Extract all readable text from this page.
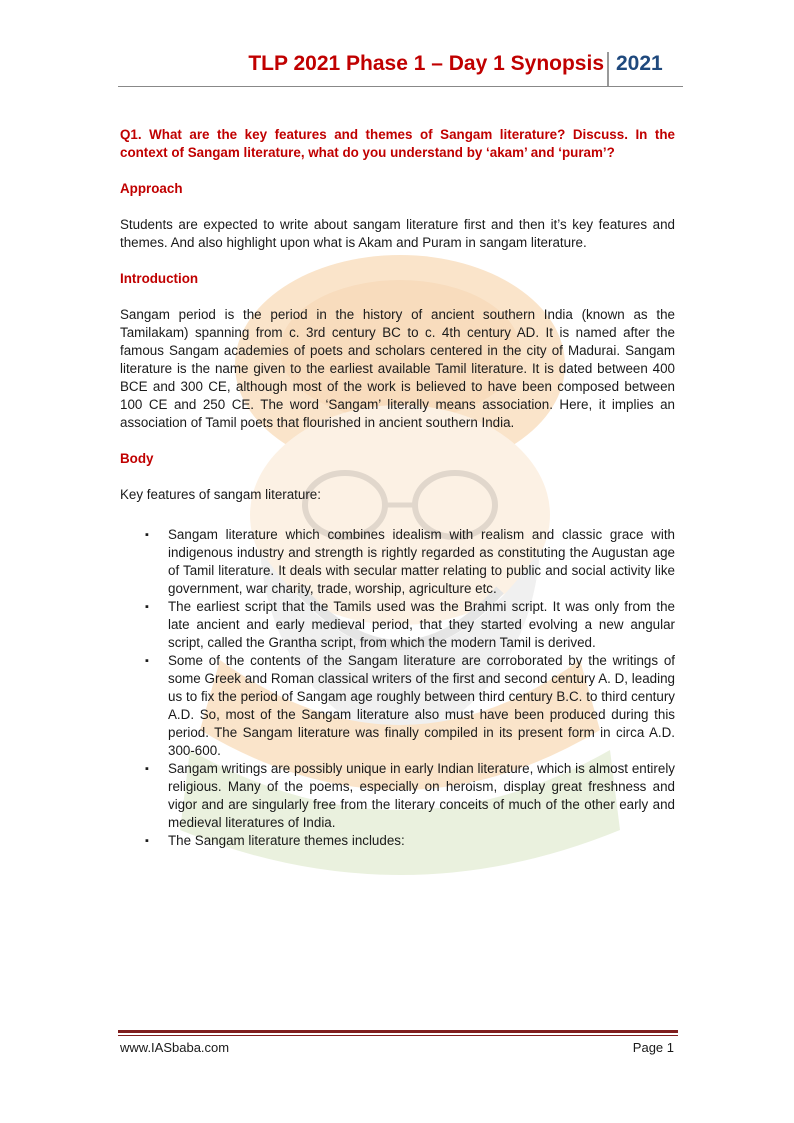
TLP 2021 Phase 1 – Day 1 Synopsis 2021

Q1. What are the key features and themes of Sangam literature? Discuss. In the context of Sangam literature, what do you understand by ‘akam’ and ‘puram’?

Approach

Students are expected to write about sangam literature first and then it’s key features and themes. And also highlight upon what is Akam and Puram in sangam literature.

Introduction

Sangam period is the period in the history of ancient southern India (known as the Tamilakam) spanning from c. 3rd century BC to c. 4th century AD. It is named after the famous Sangam academies of poets and scholars centered in the city of Madurai. Sangam literature is the name given to the earliest available Tamil literature. It is dated between 400 BCE and 300 CE, although most of the work is believed to have been composed between 100 CE and 250 CE. The word ‘Sangam’ literally means association. Here, it implies an association of Tamil poets that flourished in ancient southern India.

Body

Key features of sangam literature:

▪ Sangam literature which combines idealism with realism and classic grace with indigenous industry and strength is rightly regarded as constituting the Augustan age of Tamil literature. It deals with secular matter relating to public and social activity like government, war charity, trade, worship, agriculture etc.
▪ The earliest script that the Tamils used was the Brahmi script. It was only from the late ancient and early medieval period, that they started evolving a new angular script, called the Grantha script, from which the modern Tamil is derived.
▪ Some of the contents of the Sangam literature are corroborated by the writings of some Greek and Roman classical writers of the first and second century A. D, leading us to fix the period of Sangam age roughly between third century B.C. to third century A.D. So, most of the Sangam literature also must have been produced during this period. The Sangam literature was finally compiled in its present form in circa A.D. 300-600.
▪ Sangam writings are possibly unique in early Indian literature, which is almost entirely religious. Many of the poems, especially on heroism, display great freshness and vigor and are singularly free from the literary conceits of much of the other early and medieval literatures of India.
▪ The Sangam literature themes includes:
www.IASbaba.com	Page 1
